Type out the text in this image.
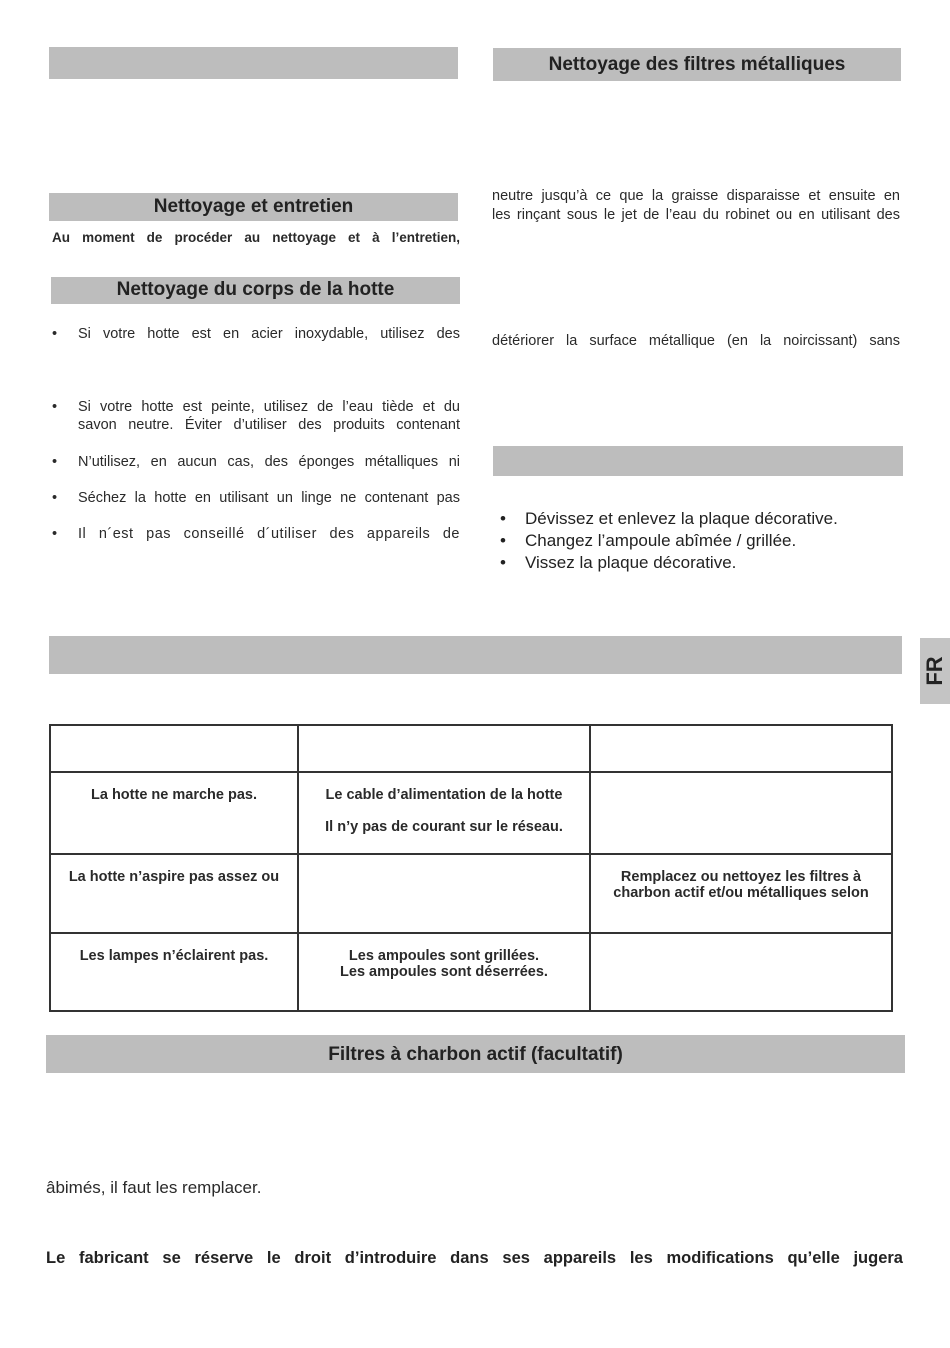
Nettoyage des filtres métalliques
Nettoyage et entretien
Au moment de procéder au nettoyage et à l’entretien,
Nettoyage du corps de la hotte
• Si votre hotte est en acier inoxydable, utilisez des
• Si votre hotte est peinte, utilisez de l’eau tiède et du
savon neutre. Éviter d’utiliser des produits contenant
• N’utilisez, en aucun cas, des éponges métalliques ni
• Séchez la hotte en utilisant un linge ne contenant pas
• Il n´est pas conseillé d´utiliser des appareils de
neutre jusqu’à ce que la graisse disparaisse et ensuite en
les rinçant sous le jet de l’eau du robinet ou en utilisant des
détériorer la surface métallique (en la noircissant) sans
• Dévissez et enlevez la plaque décorative.
• Changez l’ampoule abîmée / grillée.
• Vissez la plaque décorative.
FR

La hotte ne marche pas.	Le cable d’alimentation de la hotte

Il n’y pas de courant sur le réseau.	
La hotte n’aspire pas assez ou		Remplacez ou nettoyez les filtres à
charbon actif et/ou métalliques selon
Les lampes n’éclairent pas.	Les ampoules sont grillées.
Les ampoules sont déserrées.	
Filtres à charbon actif (facultatif)
âbimés, il faut les remplacer.
Le fabricant se réserve le droit d’introduire dans ses appareils les modifications qu’elle jugera
